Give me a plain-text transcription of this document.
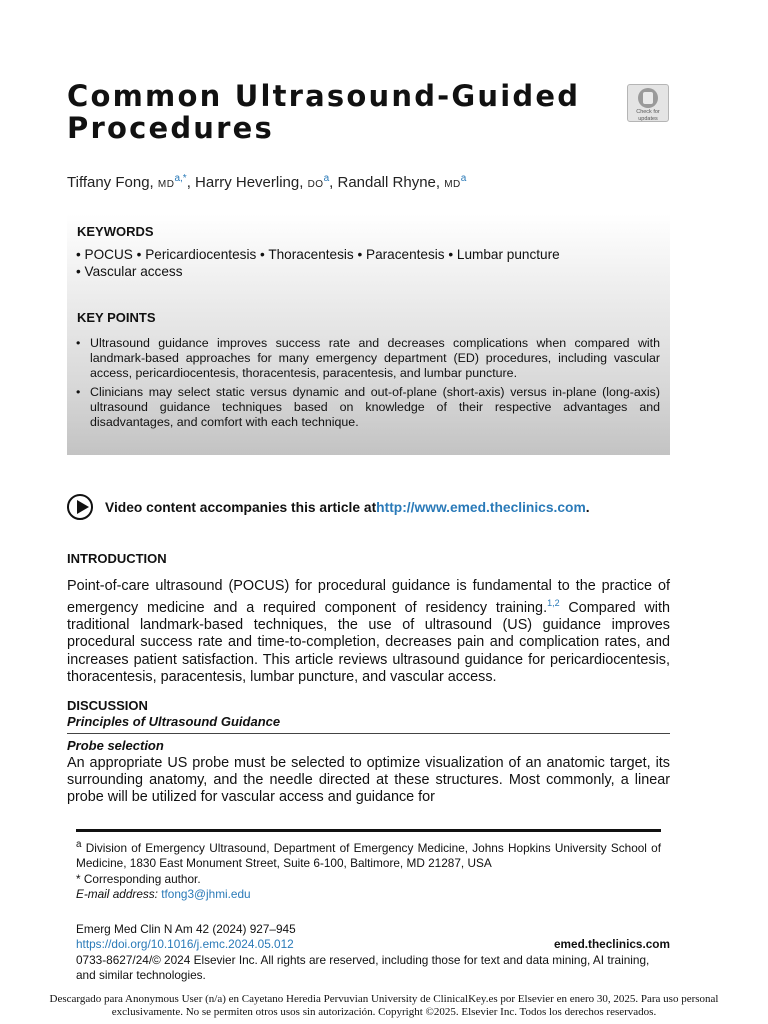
Common Ultrasound-Guided Procedures	Check for
updates
Tiffany Fong, $MD^{a,*}$, Harry Heverling, $DO^a$, Randall Rhyne, $MD^a$
KEYWORDS
• POCUS • Pericardiocentesis • Thoracentesis • Paracentesis • Lumbar puncture
• Vascular access
KEY POINTS
• Ultrasound guidance improves success rate and decreases complications when compared with landmark-based approaches for many emergency department (ED) procedures, including vascular access, pericardiocentesis, thoracentesis, paracentesis, and lumbar puncture.
• Clinicians may select static versus dynamic and out-of-plane (short-axis) versus in-plane (long-axis) ultrasound guidance techniques based on knowledge of their respective advantages and disadvantages, and comfort with each technique.
Video content accompanies this article at http://www.emed.theclinics.com .
INTRODUCTION
Point-of-care ultrasound (POCUS) for procedural guidance is fundamental to the practice of emergency medicine and a required component of residency training.$^{1,2}$ Compared with traditional landmark-based techniques, the use of ultrasound (US) guidance improves procedural success rate and time-to-completion, decreases pain and complication rates, and increases patient satisfaction. This article reviews ultrasound guidance for pericardiocentesis, thoracentesis, paracentesis, lumbar puncture, and vascular access.
DISCUSSION
Principles of Ultrasound Guidance
Probe selection
An appropriate US probe must be selected to optimize visualization of an anatomic target, its surrounding anatomy, and the needle directed at these structures. Most commonly, a linear probe will be utilized for vascular access and guidance for
$^a$ Division of Emergency Ultrasound, Department of Emergency Medicine, Johns Hopkins University School of Medicine, 1830 East Monument Street, Suite 6-100, Baltimore, MD 21287, USA
* Corresponding author.
E-mail address: tfong3@jhmi.edu
Emerg Med Clin N Am 42 (2024) 927–945
https://doi.org/10.1016/j.emc.2024.05.012	emed.theclinics.com
0733-8627/24/© 2024 Elsevier Inc. All rights are reserved, including those for text and data mining, AI training, and similar technologies.
Descargado para Anonymous User (n/a) en Cayetano Heredia Pervuvian University de ClinicalKey.es por Elsevier en enero 30, 2025. Para uso personal exclusivamente. No se permiten otros usos sin autorización. Copyright ©2025. Elsevier Inc. Todos los derechos reservados.
